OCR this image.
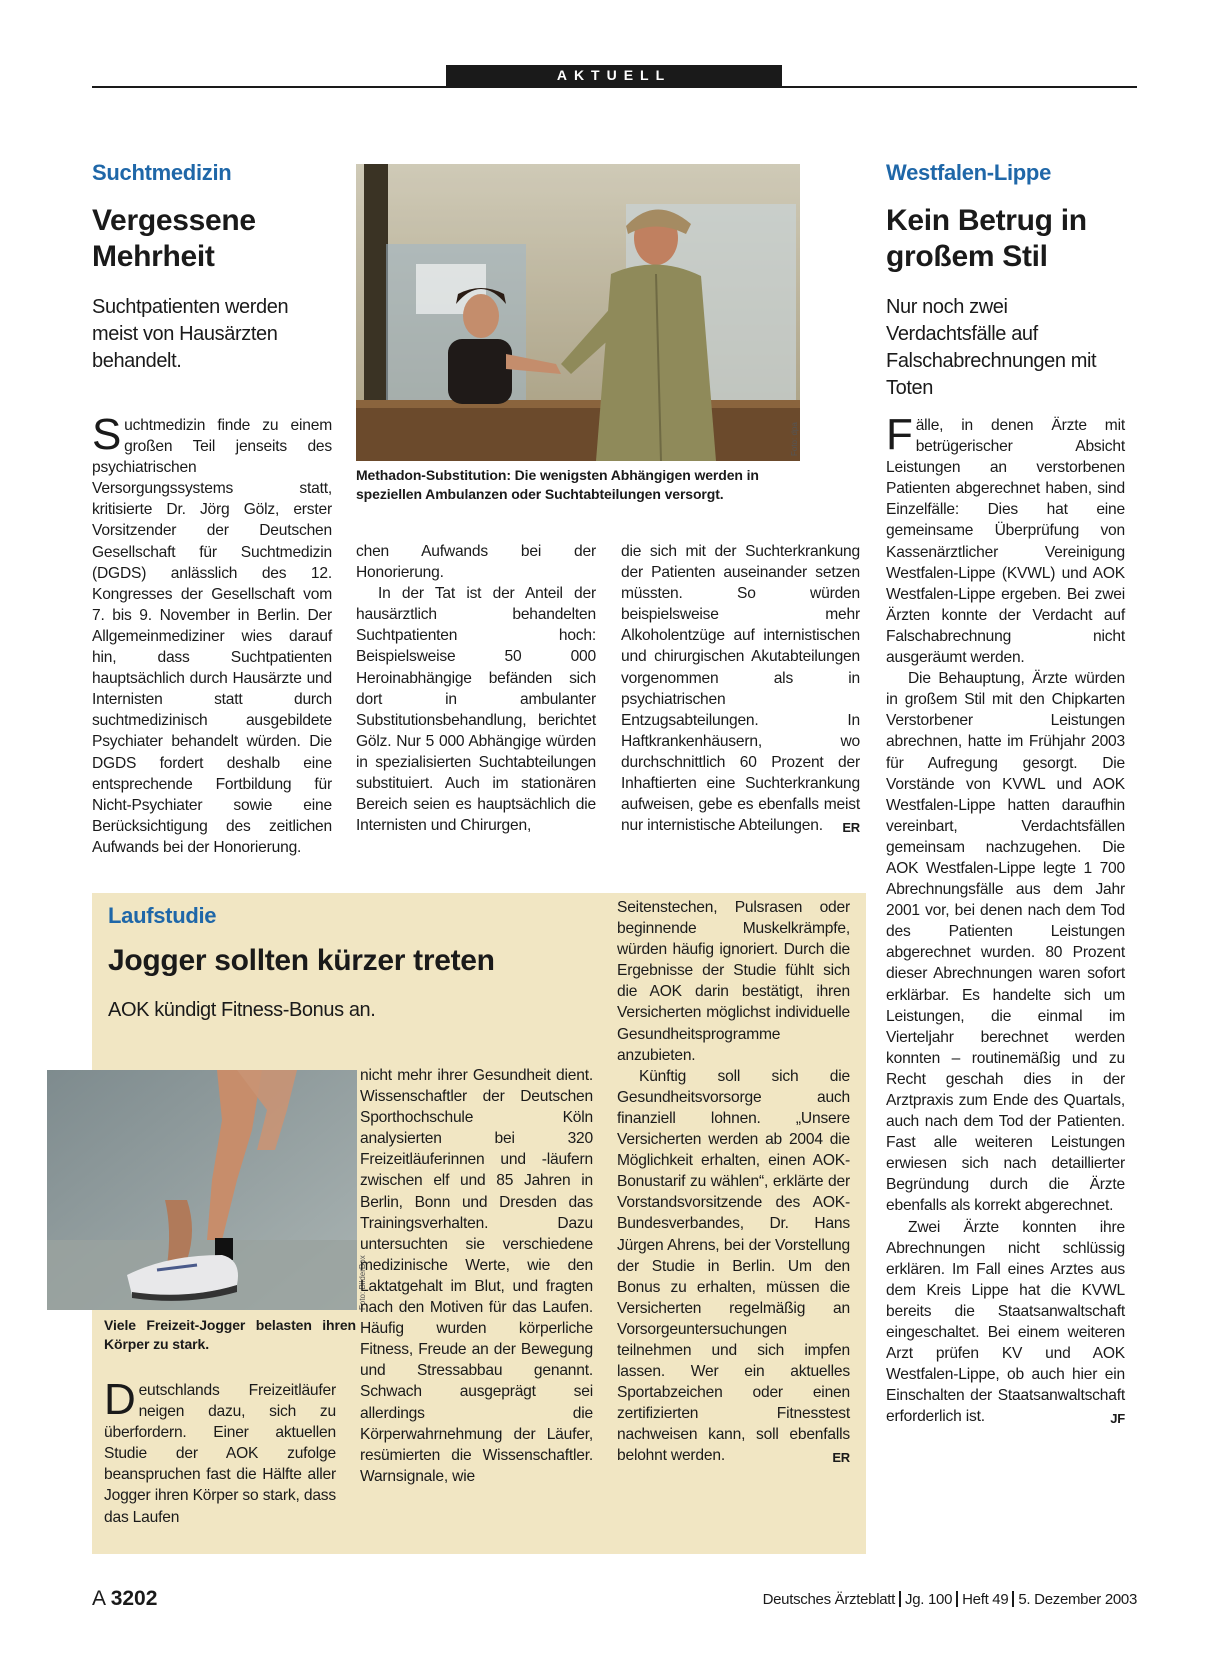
AKTUELL
Suchtmedizin
Vergessene Mehrheit
Suchtpatienten werden meist von Hausärzten behandelt.

Suchtmedizin finde zu einem großen Teil jenseits des psychiatrischen Versorgungssystems statt, kritisierte Dr. Jörg Gölz, erster Vorsitzender der Deutschen Gesellschaft für Suchtmedizin (DGDS) anlässlich des 12. Kongresses der Gesellschaft vom 7. bis 9. November in Berlin. Der Allgemeinmediziner wies darauf hin, dass Suchtpatienten hauptsächlich durch Hausärzte und Internisten statt durch suchtmedizinisch ausgebildete Psychiater behandelt würden. Die DGDS fordert deshalb eine entsprechende Fortbildung für Nicht-Psychiater sowie eine Berücksichtigung des zeitlichen Aufwands bei der Honorierung.

Foto: dpa
Methadon-Substitution: Die wenigsten Abhängigen werden in speziellen Ambulanzen oder Suchtabteilungen versorgt.

chen Aufwands bei der Honorierung.

In der Tat ist der Anteil der hausärztlich behandelten Suchtpatienten hoch: Beispielsweise 50 000 Heroinabhängige befänden sich dort in ambulanter Substitutionsbehandlung, berichtet Gölz. Nur 5 000 Abhängige würden in spezialisierten Suchtabteilungen substituiert. Auch im stationären Bereich seien es hauptsächlich die Internisten und Chirurgen,

die sich mit der Suchterkrankung der Patienten auseinander setzen müssten. So würden beispielsweise mehr Alkoholentzüge auf internistischen und chirurgischen Akutabteilungen vorgenommen als in psychiatrischen Entzugsabteilungen. In Haftkrankenhäusern, wo durchschnittlich 60 Prozent der Inhaftierten eine Suchterkrankung aufweisen, gebe es ebenfalls meist nur internistische Abteilungen. ER

Westfalen-Lippe
Kein Betrug in großem Stil
Nur noch zwei Verdachtsfälle auf Falschabrechnungen mit Toten

Fälle, in denen Ärzte mit betrügerischer Absicht Leistungen an verstorbenen Patienten abgerechnet haben, sind Einzelfälle: Dies hat eine gemeinsame Überprüfung von Kassenärztlicher Vereinigung Westfalen-Lippe (KVWL) und AOK Westfalen-Lippe ergeben. Bei zwei Ärzten konnte der Verdacht auf Falschabrechnung nicht ausgeräumt werden.

Die Behauptung, Ärzte würden in großem Stil mit den Chipkarten Verstorbener Leistungen abrechnen, hatte im Frühjahr 2003 für Aufregung gesorgt. Die Vorstände von KVWL und AOK Westfalen-Lippe hatten daraufhin vereinbart, Verdachtsfällen gemeinsam nachzugehen. Die AOK Westfalen-Lippe legte 1 700 Abrechnungsfälle aus dem Jahr 2001 vor, bei denen nach dem Tod des Patienten Leistungen abgerechnet wurden. 80 Prozent dieser Abrechnungen waren sofort erklärbar. Es handelte sich um Leistungen, die einmal im Vierteljahr berechnet werden konnten – routinemäßig und zu Recht geschah dies in der Arztpraxis zum Ende des Quartals, auch nach dem Tod der Patienten. Fast alle weiteren Leistungen erwiesen sich nach detaillierter Begründung durch die Ärzte ebenfalls als korrekt abgerechnet.

Zwei Ärzte konnten ihre Abrechnungen nicht schlüssig erklären. Im Fall eines Arztes aus dem Kreis Lippe hat die KVWL bereits die Staatsanwaltschaft eingeschaltet. Bei einem weiteren Arzt prüfen KV und AOK Westfalen-Lippe, ob auch hier ein Einschalten der Staatsanwaltschaft erforderlich ist.	JF

Laufstudie
Jogger sollten kürzer treten
AOK kündigt Fitness-Bonus an.
Foto: BilderBox
Viele Freizeit-Jogger belasten ihren Körper zu stark.

Deutschlands Freizeitläufer neigen dazu, sich zu überfordern. Einer aktuellen Studie der AOK zufolge beanspruchen fast die Hälfte aller Jogger ihren Körper so stark, dass das Laufen

nicht mehr ihrer Gesundheit dient. Wissenschaftler der Deutschen Sporthochschule Köln analysierten bei 320 Freizeitläuferinnen und -läufern zwischen elf und 85 Jahren in Berlin, Bonn und Dresden das Trainingsverhalten. Dazu untersuchten sie verschiedene medizinische Werte, wie den Laktatgehalt im Blut, und fragten nach den Motiven für das Laufen. Häufig wurden körperliche Fitness, Freude an der Bewegung und Stressabbau genannt. Schwach ausgeprägt sei allerdings die Körperwahrnehmung der Läufer, resümierten die Wissenschaftler. Warnsignale, wie

Seitenstechen, Pulsrasen oder beginnende Muskelkrämpfe, würden häufig ignoriert. Durch die Ergebnisse der Studie fühlt sich die AOK darin bestätigt, ihren Versicherten möglichst individuelle Gesundheitsprogramme anzubieten.

Künftig soll sich die Gesundheitsvorsorge auch finanziell lohnen. „Unsere Versicherten werden ab 2004 die Möglichkeit erhalten, einen AOK-Bonustarif zu wählen“, erklärte der Vorstandsvorsitzende des AOK-Bundesverbandes, Dr. Hans Jürgen Ahrens, bei der Vorstellung der Studie in Berlin. Um den Bonus zu erhalten, müssen die Versicherten regelmäßig an Vorsorgeuntersuchungen teilnehmen und sich impfen lassen. Wer ein aktuelles Sportabzeichen oder einen zertifizierten Fitnesstest nachweisen kann, soll ebenfalls belohnt werden.	ER

A 3202	Deutsches Ärzteblatt Jg. 100 Heft 49 5. Dezember 2003
